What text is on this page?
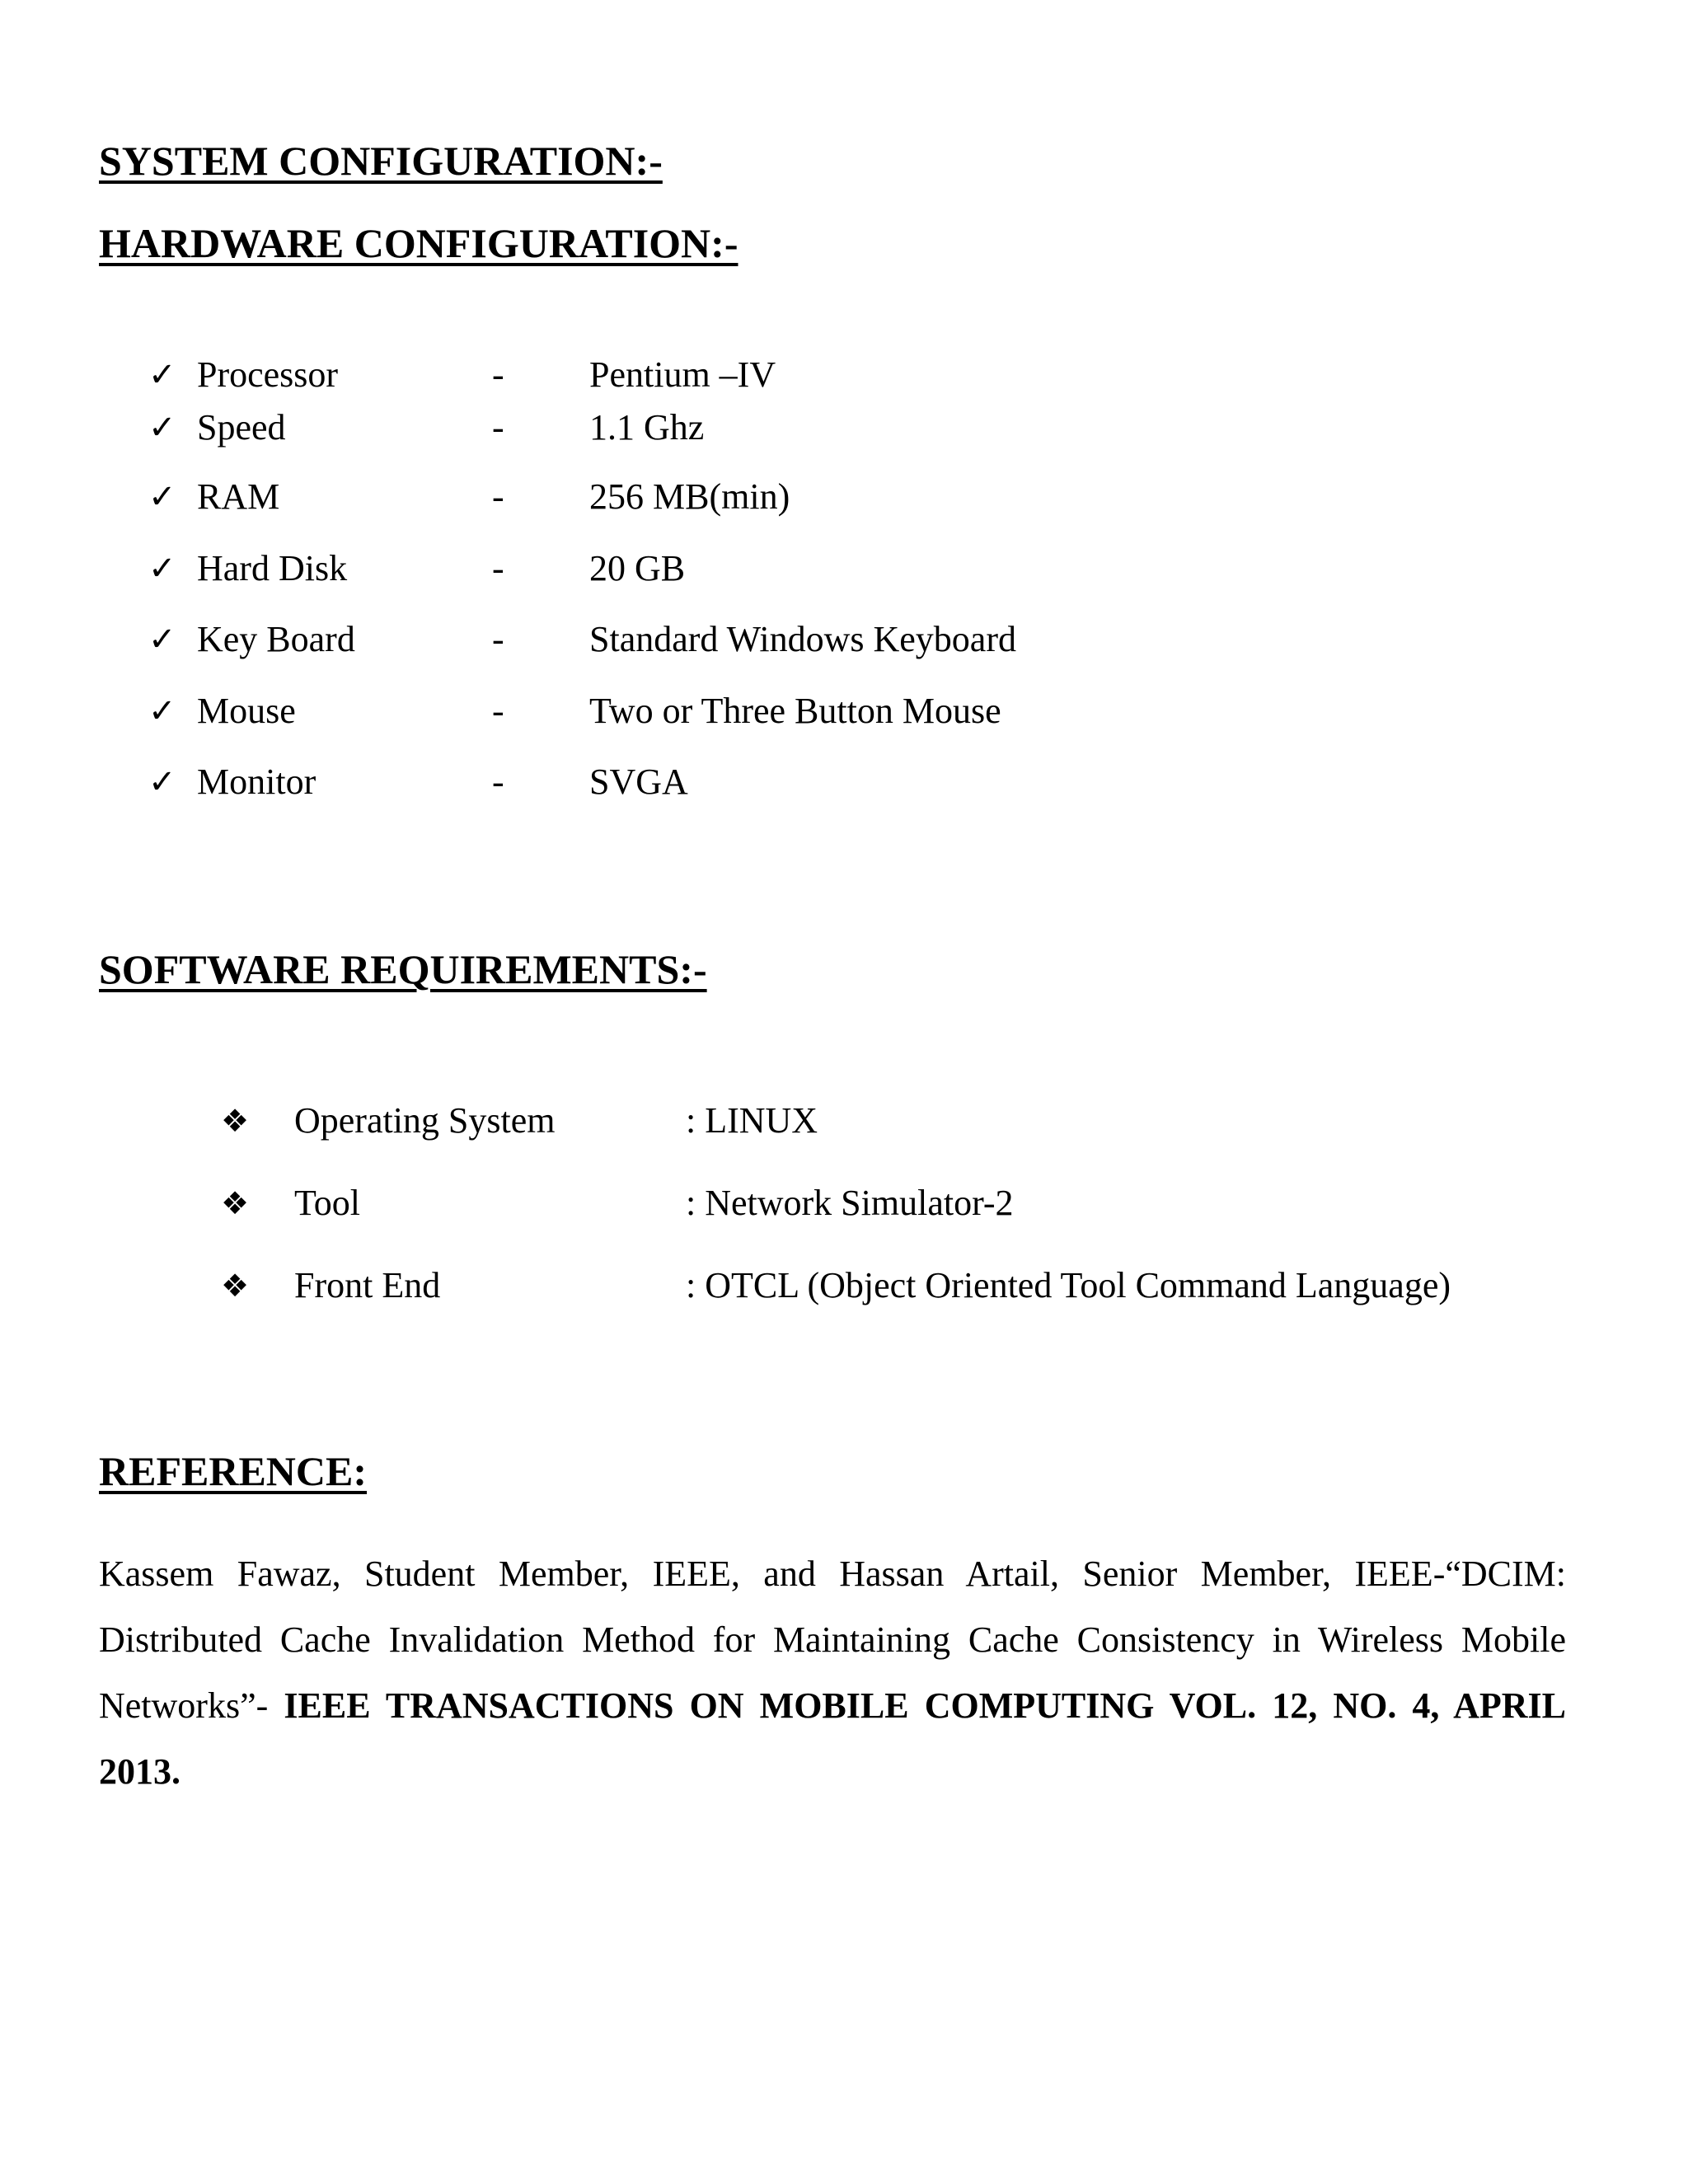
SYSTEM CONFIGURATION:-
HARDWARE CONFIGURATION:-
✓ Processor	- Pentium –IV
✓ Speed	- 1.1 Ghz
✓ RAM	- 256 MB(min)
✓ Hard Disk	- 20 GB
✓ Key Board	- Standard Windows Keyboard
✓ Mouse	- Two or Three Button Mouse
✓ Monitor	- SVGA
SOFTWARE REQUIREMENTS:-
❖ Operating System	: LINUX
❖ Tool	: Network Simulator-2
❖ Front End	: OTCL (Object Oriented Tool Command Language)
REFERENCE:

Kassem Fawaz, Student Member, IEEE, and Hassan Artail, Senior Member, IEEE-“DCIM: Distributed Cache Invalidation Method for Maintaining Cache Consistency in Wireless Mobile Networks”- IEEE TRANSACTIONS ON MOBILE COMPUTING VOL. 12, NO. 4, APRIL 2013.
